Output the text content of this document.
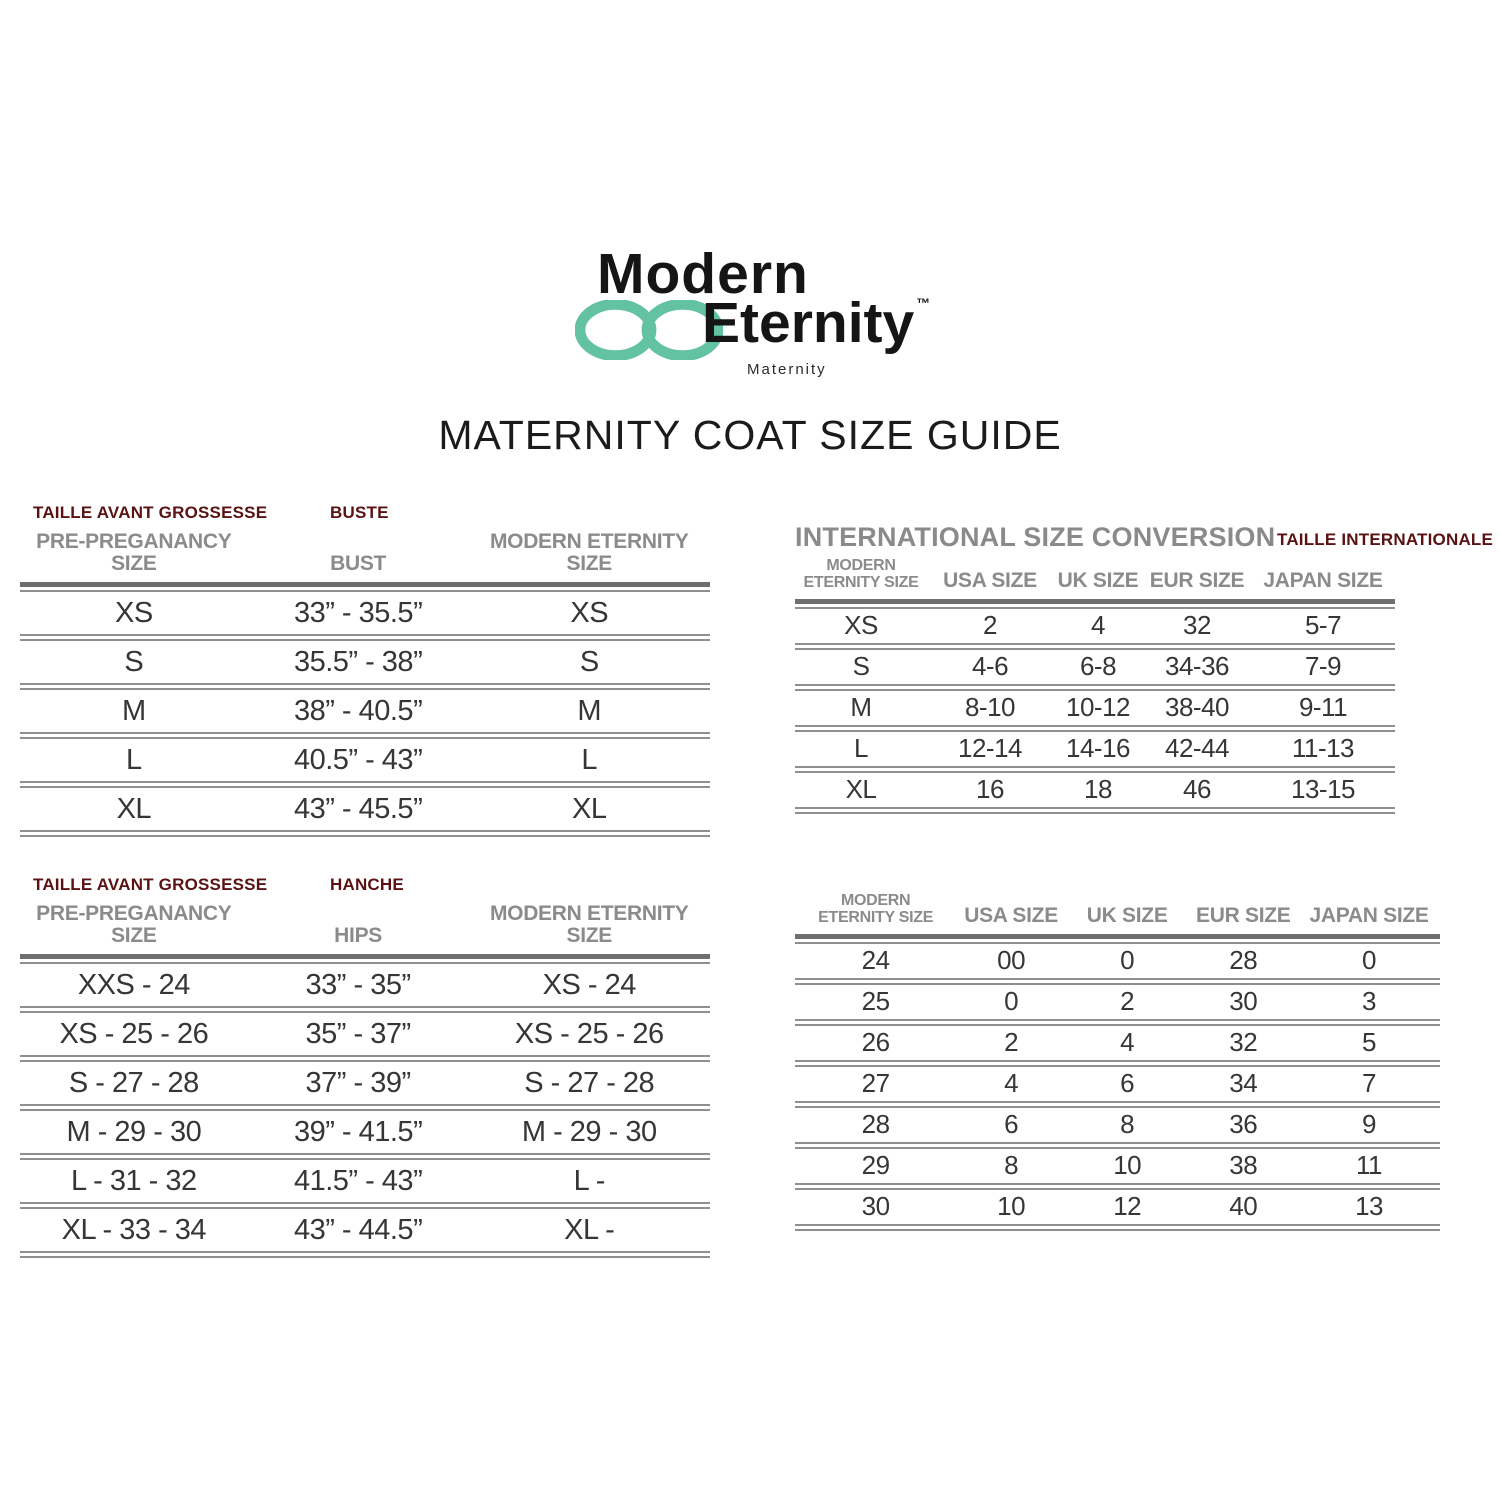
Modern
Eternity ™
Maternity
MATERNITY COAT SIZE GUIDE
TAILLE AVANT GROSSESSE	BUSTE
PRE-PREGANANCY SIZE	BUST
MODERN ETERNITY SIZE
XS	33” - 35.5”	XS
S	35.5” - 38”	S
M	38” - 40.5”	M
L	40.5” - 43”	L
XL	43” - 45.5”	XL
INTERNATIONAL SIZE CONVERSION TAILLE INTERNATIONALE
MODERN ETERNITY SIZE	USA SIZE UK SIZE EUR SIZE JAPAN SIZE
XS	2	4	32	5-7
S	4-6	6-8	34-36	7-9
M	8-10	10-12	38-40	9-11
L	12-14	14-16	42-44	11-13
XL	16	18	46	13-15
TAILLE AVANT GROSSESSE	HANCHE
PRE-PREGANANCY SIZE	HIPS
MODERN ETERNITY SIZE
XXS - 24	33” - 35”	XS - 24
XS - 25 - 26	35” - 37”	XS - 25 - 26
S - 27 - 28	37” - 39”	S - 27 - 28
M - 29 - 30	39” - 41.5”	M - 29 - 30
L - 31 - 32	41.5” - 43”	L -
XL - 33 - 34	43” - 44.5”	XL -
MODERN ETERNITY SIZE	USA SIZE	UK SIZE	EUR SIZE JAPAN SIZE
24	00	0	28	0
25	0	2	30	3
26	2	4	32	5
27	4	6	34	7
28	6	8	36	9
29	8	10	38	11
30	10	12	40	13
